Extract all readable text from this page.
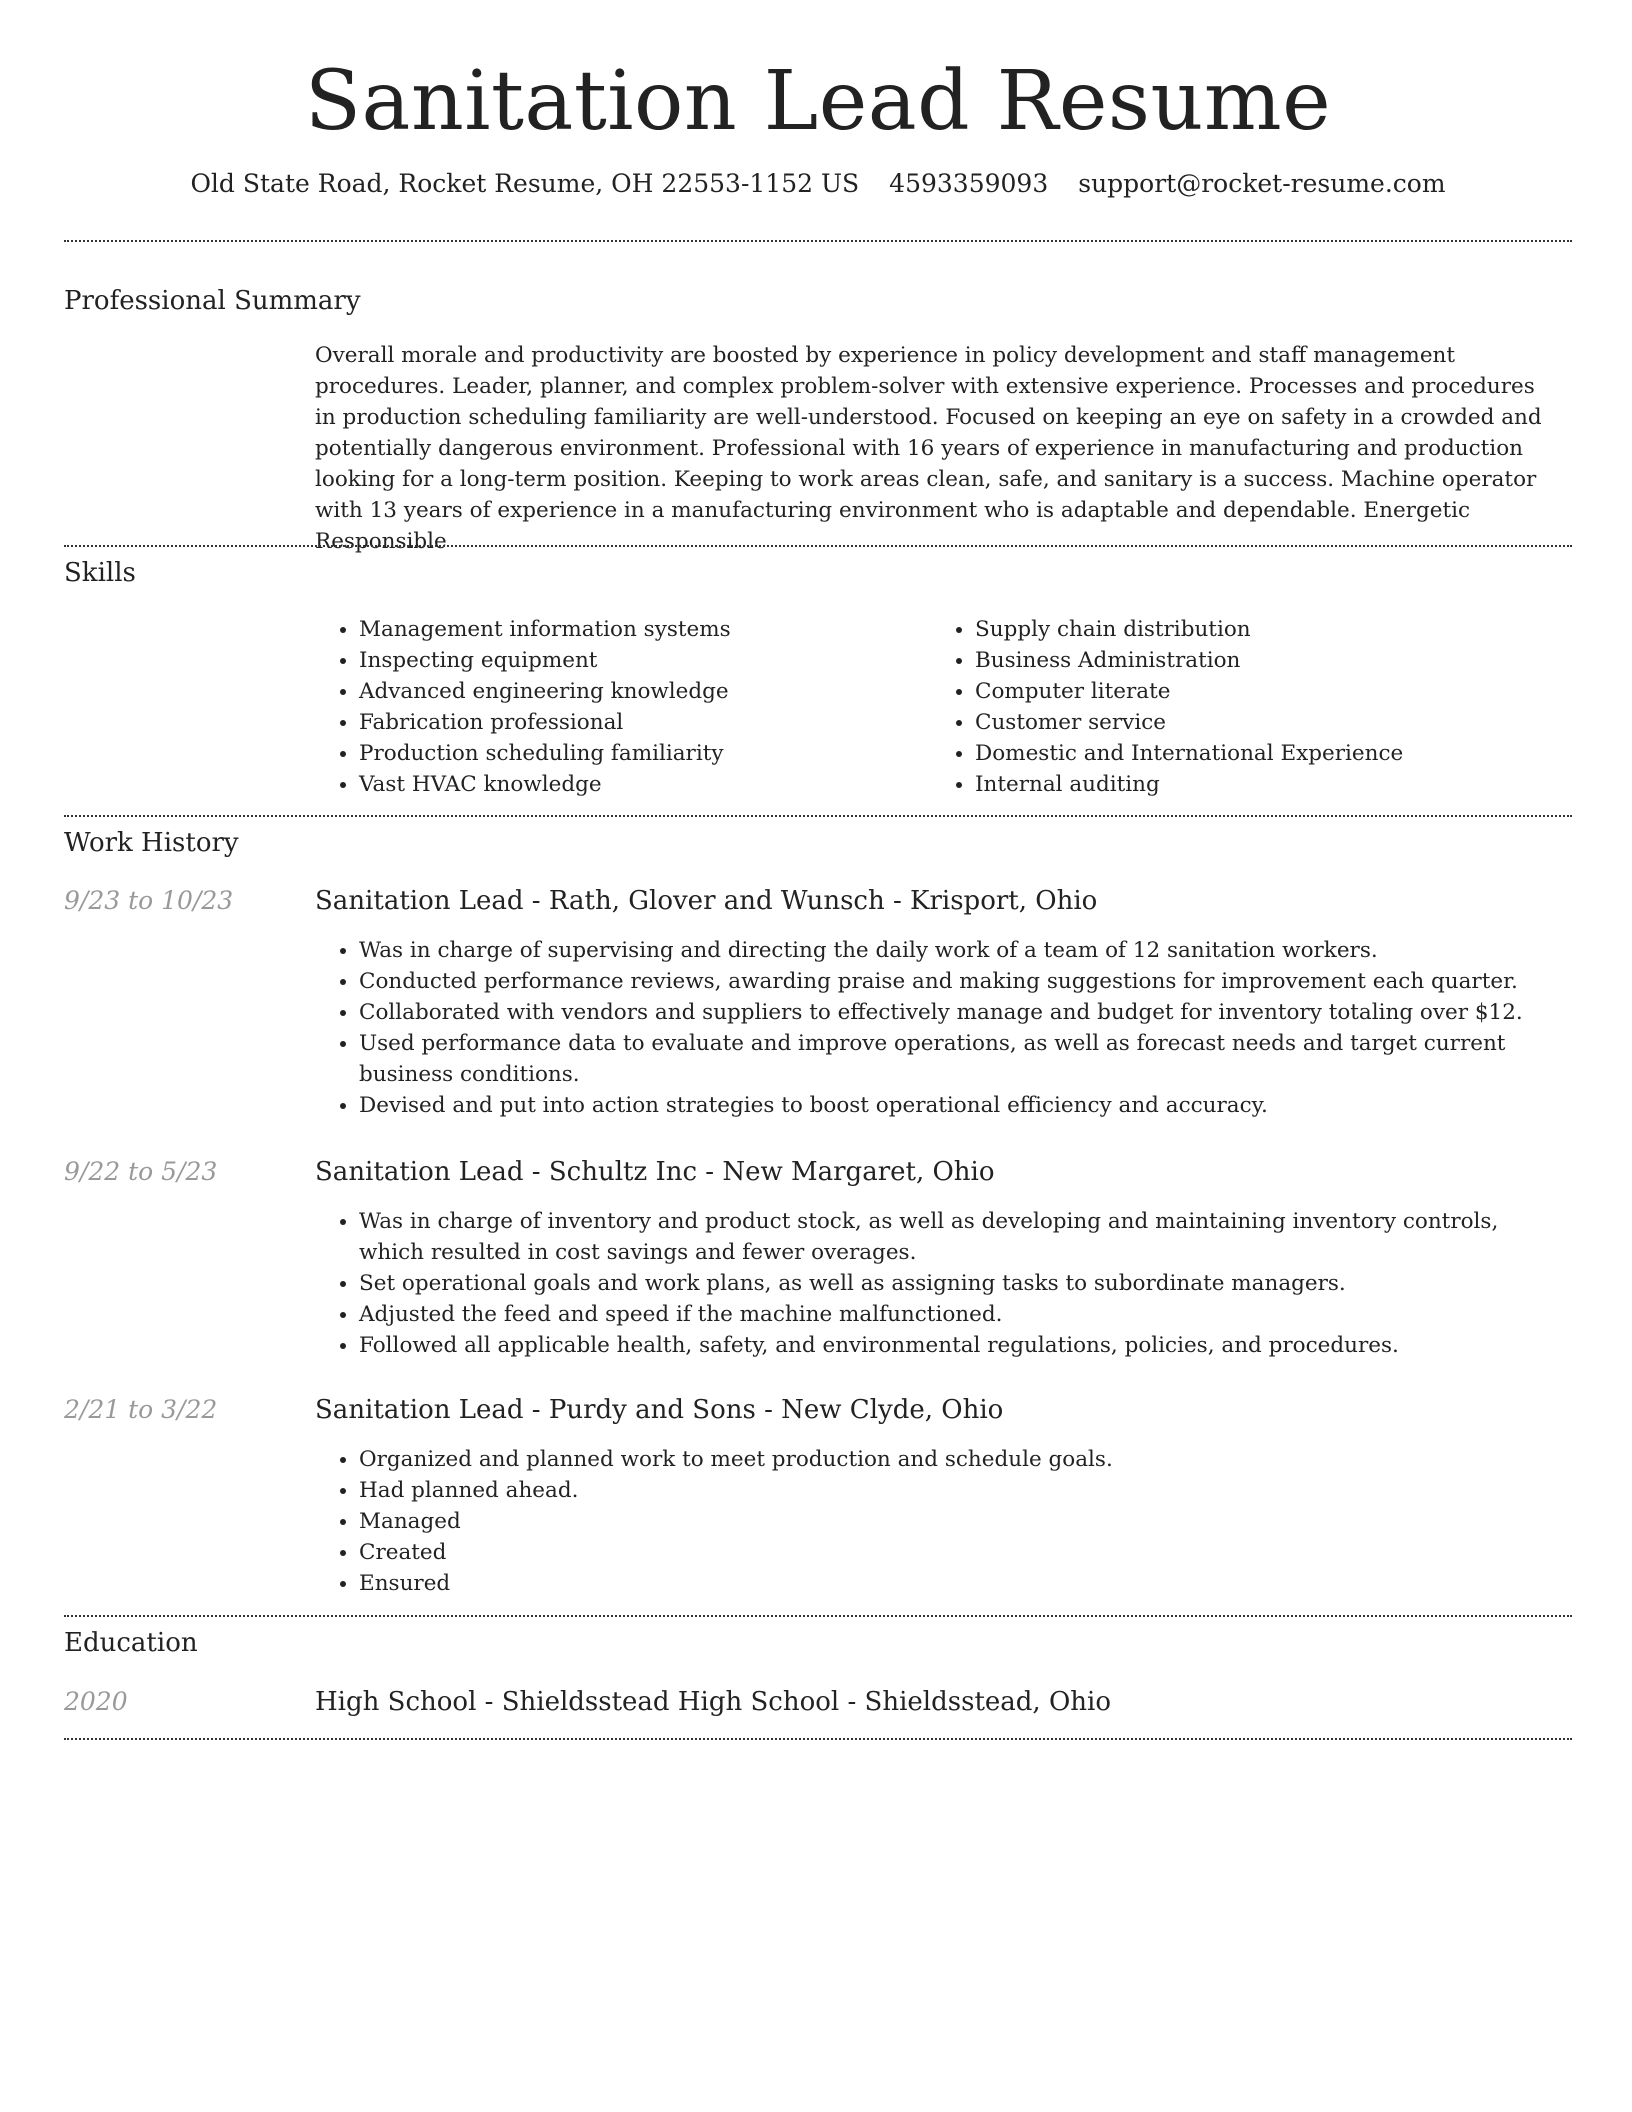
Sanitation Lead Resume
Old State Road, Rocket Resume, OH 22553-1152 US 4593359093 support@rocket-resume.com
Professional Summary
Overall morale and productivity are boosted by experience in policy development and staff management procedures. Leader, planner, and complex problem-solver with extensive experience. Processes and procedures in production scheduling familiarity are well-understood. Focused on keeping an eye on safety in a crowded and potentially dangerous environment. Professional with 16 years of experience in manufacturing and production looking for a long-term position. Keeping to work areas clean, safe, and sanitary is a success. Machine operator with 13 years of experience in a manufacturing environment who is adaptable and dependable. Energetic Responsible
Skills
• Management information systems
• Inspecting equipment
• Advanced engineering knowledge
• Fabrication professional
• Production scheduling familiarity
• Vast HVAC knowledge
• Supply chain distribution
• Business Administration
• Computer literate
• Customer service
• Domestic and International Experience
• Internal auditing
Work History
9/23 to 10/23	Sanitation Lead - Rath, Glover and Wunsch - Krisport, Ohio
• Was in charge of supervising and directing the daily work of a team of 12 sanitation workers.
• Conducted performance reviews, awarding praise and making suggestions for improvement each quarter.
• Collaborated with vendors and suppliers to effectively manage and budget for inventory totaling over $12.
• Used performance data to evaluate and improve operations, as well as forecast needs and target current business conditions.
• Devised and put into action strategies to boost operational efficiency and accuracy.
9/22 to 5/23	Sanitation Lead - Schultz Inc - New Margaret, Ohio
• Was in charge of inventory and product stock, as well as developing and maintaining inventory controls, which resulted in cost savings and fewer overages.
• Set operational goals and work plans, as well as assigning tasks to subordinate managers.
• Adjusted the feed and speed if the machine malfunctioned.
• Followed all applicable health, safety, and environmental regulations, policies, and procedures.
2/21 to 3/22	Sanitation Lead - Purdy and Sons - New Clyde, Ohio
• Organized and planned work to meet production and schedule goals.
• Had planned ahead.
• Managed
• Created
• Ensured
Education
2020	High School - Shieldsstead High School - Shieldsstead, Ohio
